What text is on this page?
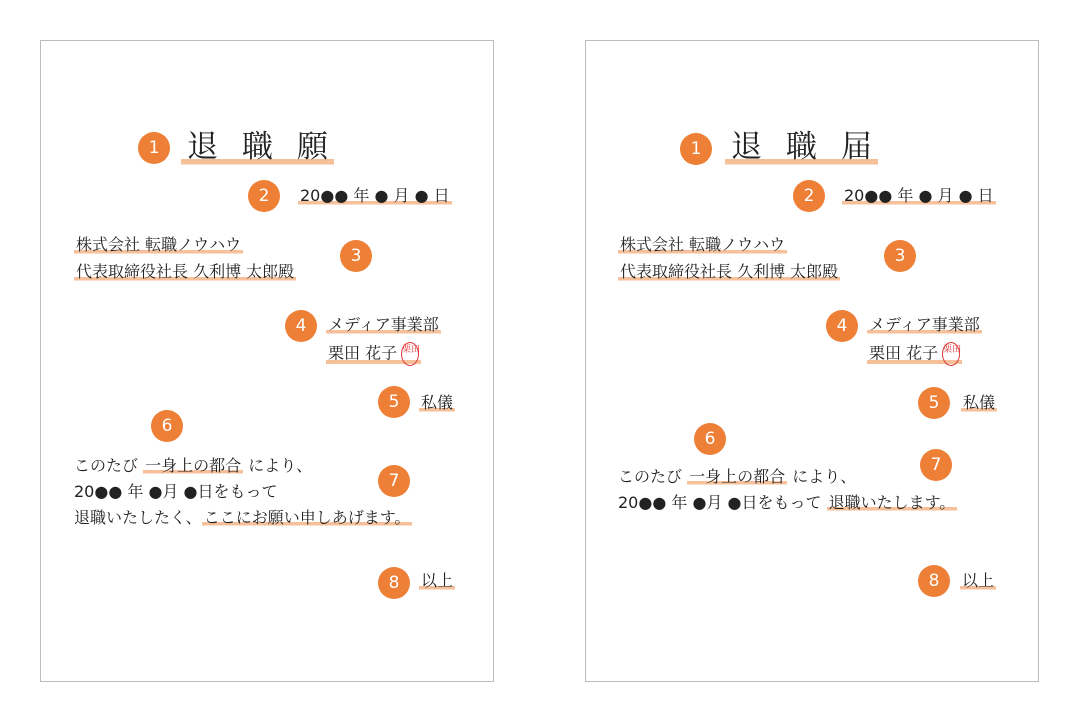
1 退 職 願
2	20●● 年 ● 月 ● 日
株式会社 転職ノウハウ
代表取締役社長 久利博 太郎殿
3
4	メディア事業部
栗田 花子 栗田
5	私儀
6
7
このたび 一身上の都合 により、
20●● 年 ●月 ●日をもって
退職いたしたく、 ここにお願い申しあげます。
8	以上
1 退 職 届
2	20●● 年 ● 月 ● 日
株式会社 転職ノウハウ
代表取締役社長 久利博 太郎殿
3
4	メディア事業部
栗田 花子 栗田
5	私儀
6
7
このたび 一身上の都合 により、
20●● 年 ●月 ●日をもって 退職いたします。
8	以上
